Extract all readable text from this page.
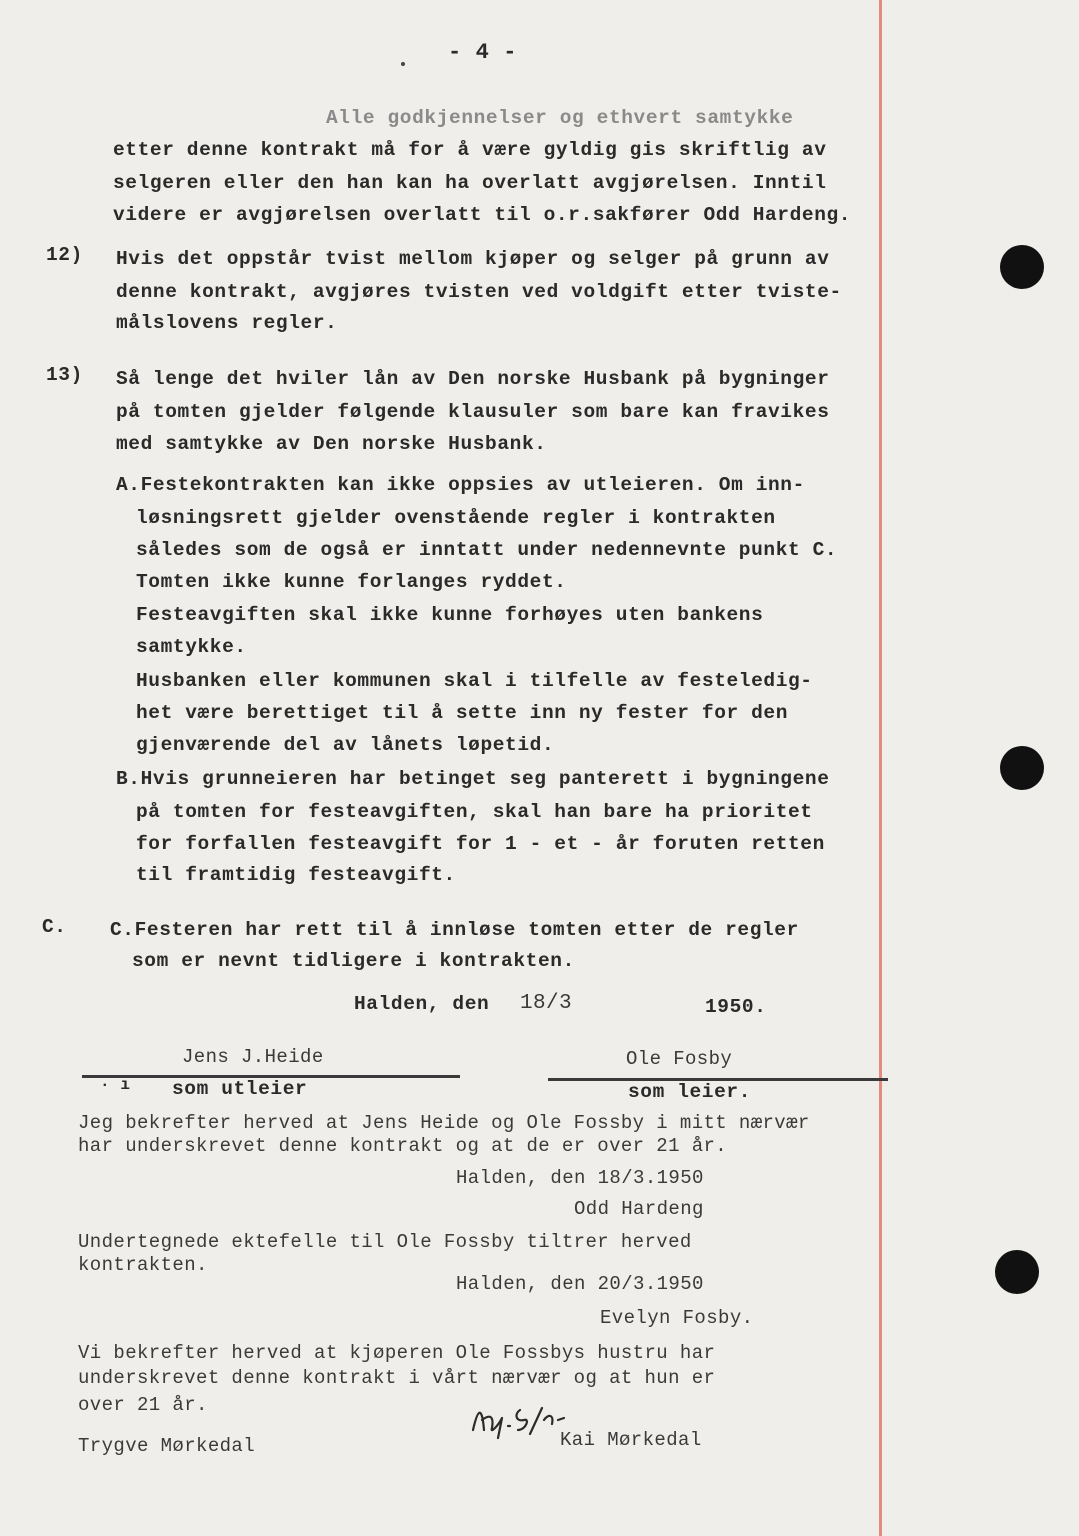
- 4 -
Alle godkjennelser og ethvert samtykke
etter denne kontrakt må for å være gyldig gis skriftlig av
selgeren eller den han kan ha overlatt avgjørelsen. Inntil
videre er avgjørelsen overlatt til o.r.sakfører Odd Hardeng.
12) Hvis det oppstår tvist mellom kjøper og selger på grunn av
denne kontrakt, avgjøres tvisten ved voldgift etter tviste-
målslovens regler.
13) Så lenge det hviler lån av Den norske Husbank på bygninger
på tomten gjelder følgende klausuler som bare kan fravikes
med samtykke av Den norske Husbank.
A.Festekontrakten kan ikke oppsies av utleieren. Om inn-
løsningsrett gjelder ovenstående regler i kontrakten
således som de også er inntatt under nedennevnte punkt C.
Tomten ikke kunne forlanges ryddet.
Festeavgiften skal ikke kunne forhøyes uten bankens
samtykke.
Husbanken eller kommunen skal i tilfelle av festeledig-
het være berettiget til å sette inn ny fester for den
gjenværende del av lånets løpetid.
B.Hvis grunneieren har betinget seg panterett i bygningene
på tomten for festeavgiften, skal han bare ha prioritet
for forfallen festeavgift for 1 - et - år foruten retten
til framtidig festeavgift.
C. C.Festeren har rett til å innløse tomten etter de regler
som er nevnt tidligere i kontrakten.
Halden, den 18/3	1950.
Jens J.Heide	Ole Fosby
· ı som utleier	som leier.
Jeg bekrefter herved at Jens Heide og Ole Fossby i mitt nærvær
har underskrevet denne kontrakt og at de er over 21 år.
Halden, den 18/3.1950
Odd Hardeng
Undertegnede ektefelle til Ole Fossby tiltrer herved
kontrakten.
Halden, den 20/3.1950
Evelyn Fosby.
Vi bekrefter herved at kjøperen Ole Fossbys hustru har
underskrevet denne kontrakt i vårt nærvær og at hun er
over 21 år.
Trygve Mørkedal	Kai Mørkedal
